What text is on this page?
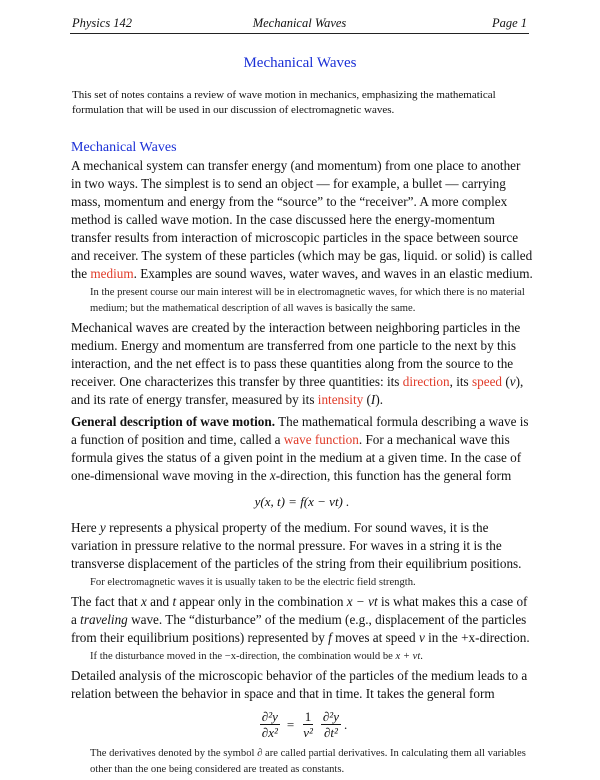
Physics 142	Mechanical Waves	Page 1
Mechanical Waves
This set of notes contains a review of wave motion in mechanics, emphasizing the mathematical formulation that will be used in our discussion of electromagnetic waves.
Mechanical Waves

A mechanical system can transfer energy (and momentum) from one place to another in two ways. The simplest is to send an object — for example, a bullet — carrying mass, momentum and energy from the “source” to the “receiver”. A more complex method is called wave motion. In the case discussed here the energy-momentum transfer results from interaction of microscopic particles in the space between source and receiver. The system of these particles (which may be gas, liquid. or solid) is called the medium. Examples are sound waves, water waves, and waves in an elastic medium.

In the present course our main interest will be in electromagnetic waves, for which there is no material medium; but the mathematical description of all waves is basically the same.

Mechanical waves are created by the interaction between neighboring particles in the medium. Energy and momentum are transferred from one particle to the next by this interaction, and the net effect is to pass these quantities along from the source to the receiver. One characterizes this transfer by three quantities: its direction, its speed (v), and its rate of energy transfer, measured by its intensity (I).

General description of wave motion. The mathematical formula describing a wave is a function of position and time, called a wave function. For a mechanical wave this formula gives the status of a given point in the medium at a given time. In the case of one-dimensional wave moving in the x-direction, this function has the general form

y(x, t) = f(x − vt) .

Here y represents a physical property of the medium. For sound waves, it is the variation in pressure relative to the normal pressure. For waves in a string it is the transverse displacement of the particles of the string from their equilibrium positions.

For electromagnetic waves it is usually taken to be the electric field strength.

The fact that x and t appear only in the combination x − vt is what makes this a case of a traveling wave. The “disturbance” of the medium (e.g., displacement of the particles from their equilibrium positions) represented by f moves at speed v in the +x-direction.

If the disturbance moved in the −x-direction, the combination would be x + vt.

Detailed analysis of the microscopic behavior of the particles of the medium leads to a relation between the behavior in space and that in time. It takes the general form

$\frac{\text{∂²y}}{\text{∂x²}} = \frac{1}{\text{v²}} \frac{\text{∂²y}}{\text{∂t²}}$ .

The derivatives denoted by the symbol ∂ are called partial derivatives. In calculating them all variables other than the one being considered are treated as constants.
